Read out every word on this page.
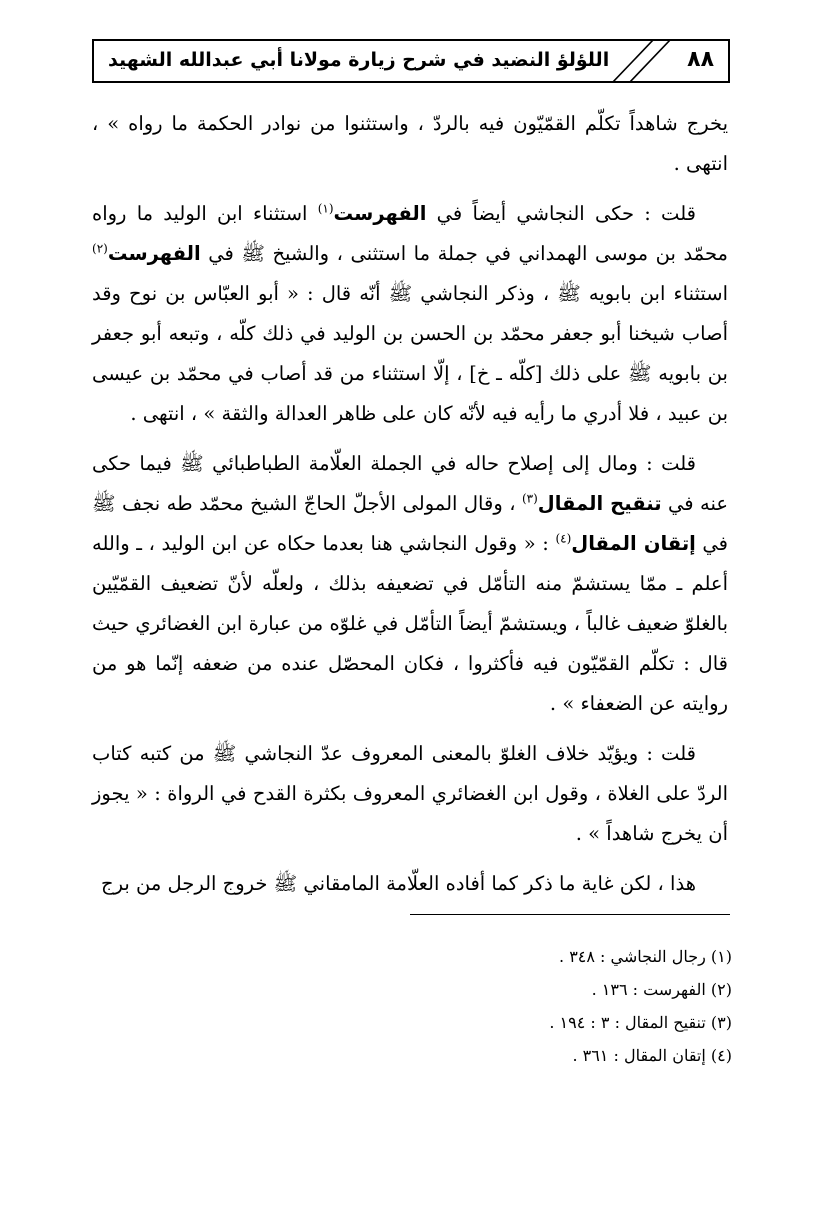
٨٨
اللؤلؤ النضيد في شرح زيارة مولانا أبي عبدالله الشهيد

يخرج شاهداً تكلّم القمّيّون فيه بالردّ ، واستثنوا من نوادر الحكمة ما رواه » ، انتهى .

قلت : حكى النجاشي أيضاً في الفهرست$^{(١)}$ استثناء ابن الوليد ما رواه محمّد بن موسى الهمداني في جملة ما استثنى ، والشيخ ﷺ في الفهرست$^{(٢)}$ استثناء ابن بابويه ﷺ ، وذكر النجاشي ﷺ أنّه قال : « أبو العبّاس بن نوح وقد أصاب شيخنا أبو جعفر محمّد بن الحسن بن الوليد في ذلك كلّه ، وتبعه أبو جعفر بن بابويه ﷺ على ذلك [كلّه ـ خ] ، إلّا استثناء من قد أصاب في محمّد بن عيسى بن عبيد ، فلا أدري ما رأيه فيه لأنّه كان على ظاهر العدالة والثقة » ، انتهى .

قلت : ومال إلى إصلاح حاله في الجملة العلّامة الطباطبائي ﷺ فيما حكى عنه في تنقيح المقال$^{(٣)}$ ، وقال المولى الأجلّ الحاجّ الشيخ محمّد طه نجف ﷺ في إتقان المقال$^{(٤)}$ : « وقول النجاشي هنا بعدما حكاه عن ابن الوليد ، ـ والله أعلم ـ ممّا يستشمّ منه التأمّل في تضعيفه بذلك ، ولعلّه لأنّ تضعيف القمّيّين بالغلوّ ضعيف غالباً ، ويستشمّ أيضاً التأمّل في غلوّه من عبارة ابن الغضائري حيث قال : تكلّم القمّيّون فيه فأكثروا ، فكان المحصّل عنده من ضعفه إنّما هو من روايته عن الضعفاء » .

قلت : ويؤيّد خلاف الغلوّ بالمعنى المعروف عدّ النجاشي ﷺ من كتبه كتاب الردّ على الغلاة ، وقول ابن الغضائري المعروف بكثرة القدح في الرواة : « يجوز أن يخرج شاهداً » .

هذا ، لكن غاية ما ذكر كما أفاده العلّامة المامقاني ﷺ خروج الرجل من برج

(١) رجال النجاشي : ٣٤٨ .
(٢) الفهرست : ١٣٦ .
(٣) تنقيح المقال : ٣ : ١٩٤ .
(٤) إتقان المقال : ٣٦١ .
